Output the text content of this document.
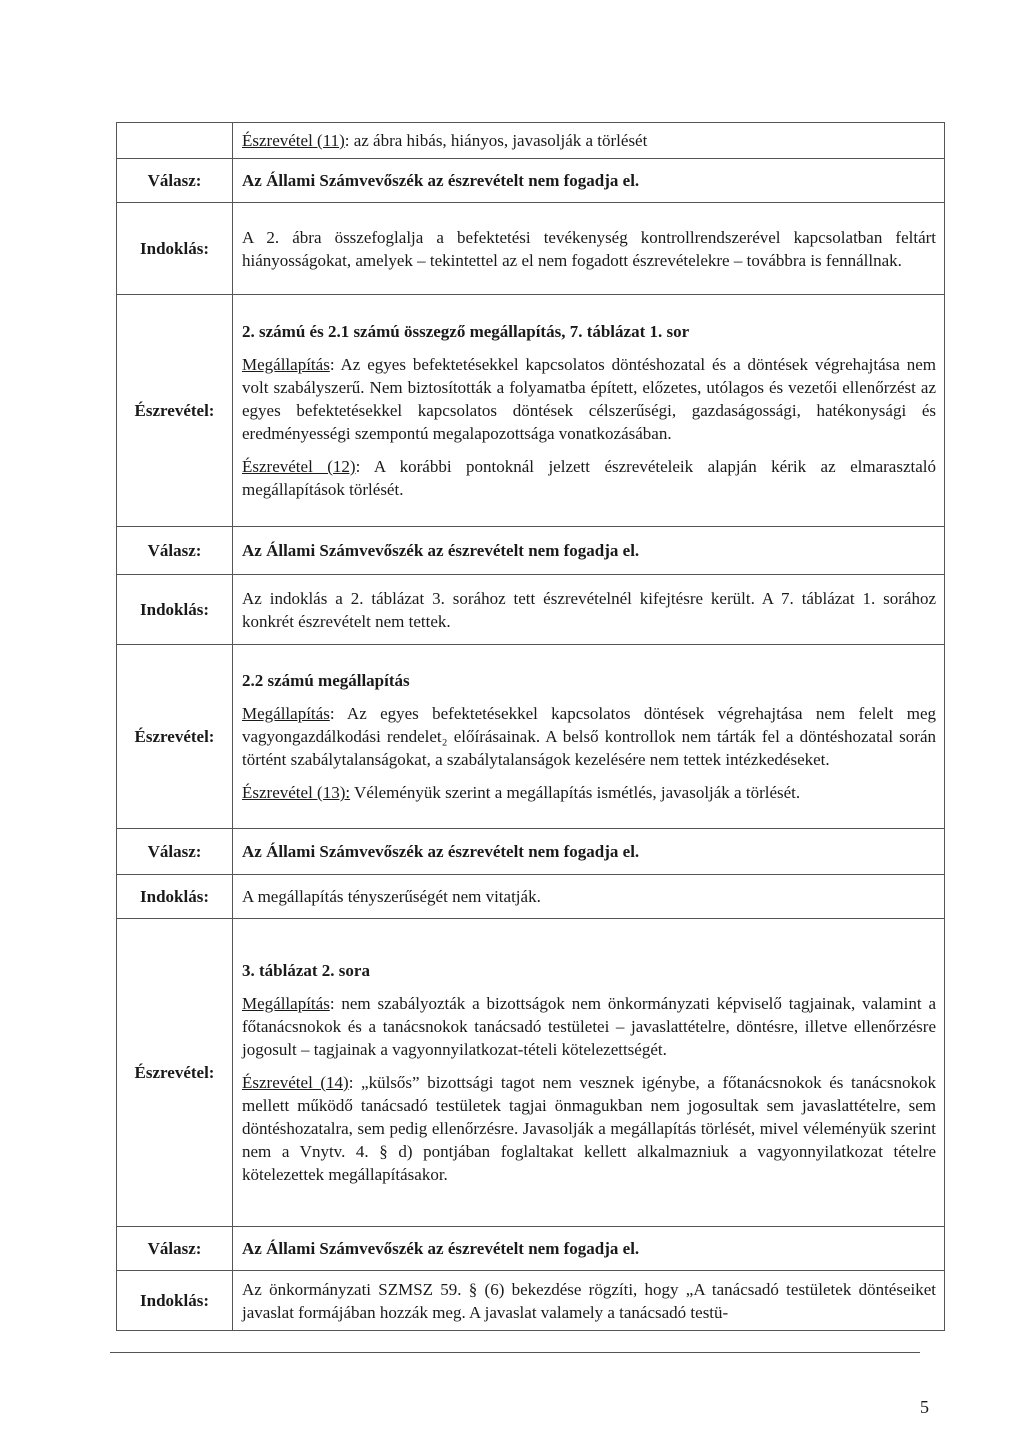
	Észrevétel (11): az ábra hibás, hiányos, javasolják a törlését
Válasz:	Az Állami Számvevőszék az észrevételt nem fogadja el.
Indoklás:	A 2. ábra összefoglalja a befektetési tevékenység kontrollrendszerével kapcsolatban feltárt hiányosságokat, amelyek – tekintettel az el nem fogadott észrevételekre – továbbra is fennállnak.
Észrevétel:	2. számú és 2.1 számú összegző megállapítás, 7. táblázat 1. sor

Megállapítás: Az egyes befektetésekkel kapcsolatos döntéshozatal és a döntések végrehajtása nem volt szabályszerű. Nem biztosították a folyamatba épített, előzetes, utólagos és vezetői ellenőrzést az egyes befektetésekkel kapcsolatos döntések célszerűségi, gazdaságossági, hatékonysági és eredményességi szempontú megalapozottsága vonatkozásában.

Észrevétel (12): A korábbi pontoknál jelzett észrevételeik alapján kérik az elmarasztaló megállapítások törlését.

Válasz:	Az Állami Számvevőszék az észrevételt nem fogadja el.
Indoklás:	Az indoklás a 2. táblázat 3. sorához tett észrevételnél kifejtésre került. A 7. táblázat 1. sorához konkrét észrevételt nem tettek.
Észrevétel:	2.2 számú megállapítás

Megállapítás: Az egyes befektetésekkel kapcsolatos döntések végrehajtása nem felelt meg vagyongazdálkodási rendelet₂ előírásainak. A belső kontrollok nem tárták fel a döntéshozatal során történt szabálytalanságokat, a szabálytalanságok kezelésére nem tettek intézkedéseket.

Észrevétel (13): Véleményük szerint a megállapítás ismétlés, javasolják a törlését.

Válasz:	Az Állami Számvevőszék az észrevételt nem fogadja el.
Indoklás:	A megállapítás tényszerűségét nem vitatják.
Észrevétel:	3. táblázat 2. sora

Megállapítás: nem szabályozták a bizottságok nem önkormányzati képviselő tagjainak, valamint a főtanácsnokok és a tanácsnokok tanácsadó testületei – javaslattételre, döntésre, illetve ellenőrzésre jogosult – tagjainak a vagyonnyilatkozat-tételi kötelezettségét.

Észrevétel (14): „külsős” bizottsági tagot nem vesznek igénybe, a főtanácsnokok és tanácsnokok mellett működő tanácsadó testületek tagjai önmagukban nem jogosultak sem javaslattételre, sem döntéshozatalra, sem pedig ellenőrzésre. Javasolják a megállapítás törlését, mivel véleményük szerint nem a Vnytv. 4. § d) pontjában foglaltakat kellett alkalmazniuk a vagyonnyilatkozat tételre kötelezettek megállapításakor.

Válasz:	Az Állami Számvevőszék az észrevételt nem fogadja el.
Indoklás:	Az önkormányzati SZMSZ 59. § (6) bekezdése rögzíti, hogy „A tanácsadó testületek döntéseiket javaslat formájában hozzák meg. A javaslat valamely a tanácsadó testü-
5
